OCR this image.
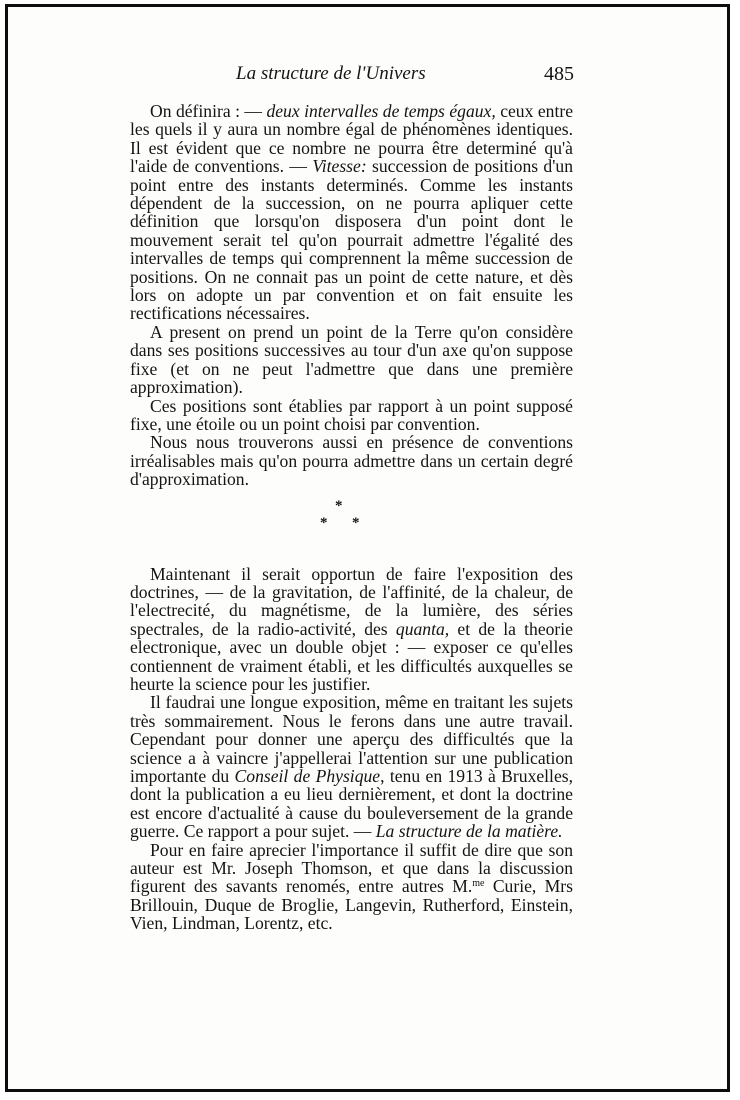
La structure de l'Univers	485

On définira : — deux intervalles de temps égaux, ceux entre les quels il y aura un nombre égal de phénomènes identiques. Il est évident que ce nombre ne pourra être determiné qu'à l'aide de conventions. — Vitesse: succession de positions d'un point entre des instants determinés. Comme les instants dépendent de la succession, on ne pourra apliquer cette définition que lorsqu'on disposera d'un point dont le mouvement serait tel qu'on pourrait admettre l'égalité des intervalles de temps qui comprennent la même succession de positions. On ne connait pas un point de cette nature, et dès lors on adopte un par convention et on fait ensuite les rectifications nécessaires.

A present on prend un point de la Terre qu'on considère dans ses positions successives au tour d'un axe qu'on suppose fixe (et on ne peut l'admettre que dans une première approximation).

Ces positions sont établies par rapport à un point supposé fixe, une étoile ou un point choisi par convention.

Nous nous trouverons aussi en présence de conventions irréalisables mais qu'on pourra admettre dans un certain degré d'approximation.

*
* *

Maintenant il serait opportun de faire l'exposition des doctrines, — de la gravitation, de l'affinité, de la chaleur, de l'electrecité, du magnétisme, de la lumière, des séries spectrales, de la radio-activité, des quanta, et de la theorie electronique, avec un double objet : — exposer ce qu'elles contiennent de vraiment établi, et les difficultés auxquelles se heurte la science pour les justifier.

Il faudrai une longue exposition, même en traitant les sujets très sommairement. Nous le ferons dans une autre travail. Cependant pour donner une aperçu des difficultés que la science a à vaincre j'appellerai l'attention sur une publication importante du Conseil de Physique, tenu en 1913 à Bruxelles, dont la publication a eu lieu dernièrement, et dont la doctrine est encore d'actualité à cause du bouleversement de la grande guerre. Ce rapport a pour sujet. — La structure de la matière.

Pour en faire aprecier l'importance il suffit de dire que son auteur est Mr. Joseph Thomson, et que dans la discussion figurent des savants renomés, entre autres M.$^{me}$ Curie, Mrs Brillouin, Duque de Broglie, Langevin, Rutherford, Einstein, Vien, Lindman, Lorentz, etc.
